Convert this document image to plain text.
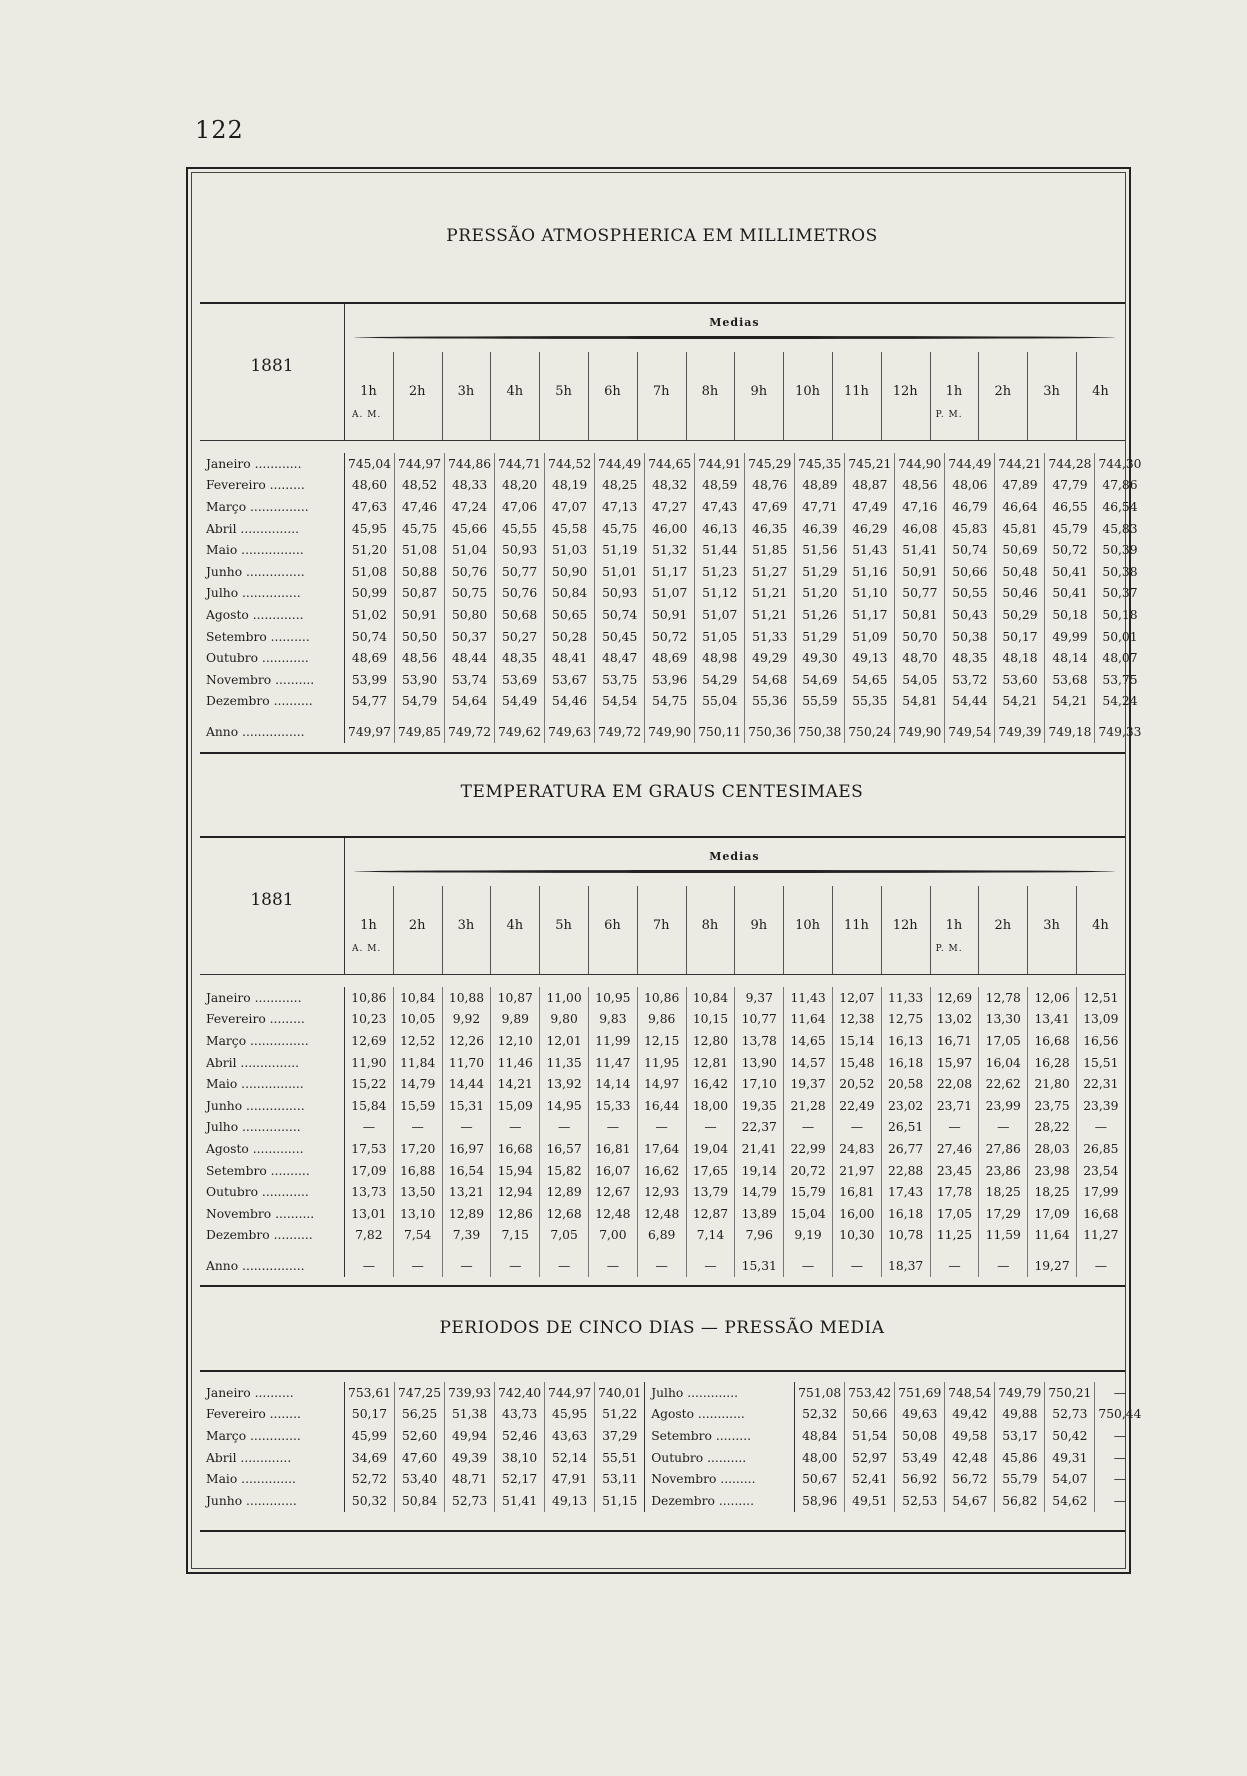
122
PRESSÃO ATMOSPHERICA EM MILLIMETROS
1881
Medias
1h	2h	3h	4h	5h	6h	7h	8h	9h	10h	11h	12h	1h	2h	3h	4h
A. M.	P. M.
Janeiro ............	745,04	744,97	744,86	744,71	744,52	744,49	744,65	744,91	745,29	745,35	745,21	744,90	744,49	744,21	744,28	744,30
Fevereiro .........	48,60	48,52	48,33	48,20	48,19	48,25	48,32	48,59	48,76	48,89	48,87	48,56	48,06	47,89	47,79	47,86
Março ...............	47,63	47,46	47,24	47,06	47,07	47,13	47,27	47,43	47,69	47,71	47,49	47,16	46,79	46,64	46,55	46,54
Abril ...............	45,95	45,75	45,66	45,55	45,58	45,75	46,00	46,13	46,35	46,39	46,29	46,08	45,83	45,81	45,79	45,83
Maio ................	51,20	51,08	51,04	50,93	51,03	51,19	51,32	51,44	51,85	51,56	51,43	51,41	50,74	50,69	50,72	50,39
Junho ...............	51,08	50,88	50,76	50,77	50,90	51,01	51,17	51,23	51,27	51,29	51,16	50,91	50,66	50,48	50,41	50,38
Julho ...............	50,99	50,87	50,75	50,76	50,84	50,93	51,07	51,12	51,21	51,20	51,10	50,77	50,55	50,46	50,41	50,37
Agosto .............	51,02	50,91	50,80	50,68	50,65	50,74	50,91	51,07	51,21	51,26	51,17	50,81	50,43	50,29	50,18	50,18
Setembro ..........	50,74	50,50	50,37	50,27	50,28	50,45	50,72	51,05	51,33	51,29	51,09	50,70	50,38	50,17	49,99	50,01
Outubro ............	48,69	48,56	48,44	48,35	48,41	48,47	48,69	48,98	49,29	49,30	49,13	48,70	48,35	48,18	48,14	48,07
Novembro ..........	53,99	53,90	53,74	53,69	53,67	53,75	53,96	54,29	54,68	54,69	54,65	54,05	53,72	53,60	53,68	53,75
Dezembro ..........	54,77	54,79	54,64	54,49	54,46	54,54	54,75	55,04	55,36	55,59	55,35	54,81	54,44	54,21	54,21	54,24
Anno ................	749,97	749,85	749,72	749,62	749,63	749,72	749,90	750,11	750,36	750,38	750,24	749,90	749,54	749,39	749,18	749,33
TEMPERATURA EM GRAUS CENTESIMAES
1881
Medias
1h	2h	3h	4h	5h	6h	7h	8h	9h	10h	11h	12h	1h	2h	3h	4h
A. M.	P. M.
Janeiro ............	10,86	10,84	10,88	10,87	11,00	10,95	10,86	10,84	9,37	11,43	12,07	11,33	12,69	12,78	12,06	12,51
Fevereiro .........	10,23	10,05	9,92	9,89	9,80	9,83	9,86	10,15	10,77	11,64	12,38	12,75	13,02	13,30	13,41	13,09
Março ...............	12,69	12,52	12,26	12,10	12,01	11,99	12,15	12,80	13,78	14,65	15,14	16,13	16,71	17,05	16,68	16,56
Abril ...............	11,90	11,84	11,70	11,46	11,35	11,47	11,95	12,81	13,90	14,57	15,48	16,18	15,97	16,04	16,28	15,51
Maio ................	15,22	14,79	14,44	14,21	13,92	14,14	14,97	16,42	17,10	19,37	20,52	20,58	22,08	22,62	21,80	22,31
Junho ...............	15,84	15,59	15,31	15,09	14,95	15,33	16,44	18,00	19,35	21,28	22,49	23,02	23,71	23,99	23,75	23,39
Julho ...............	—	—	—	—	—	—	—	—	22,37	—	—	26,51	—	—	28,22	—
Agosto .............	17,53	17,20	16,97	16,68	16,57	16,81	17,64	19,04	21,41	22,99	24,83	26,77	27,46	27,86	28,03	26,85
Setembro ..........	17,09	16,88	16,54	15,94	15,82	16,07	16,62	17,65	19,14	20,72	21,97	22,88	23,45	23,86	23,98	23,54
Outubro ............	13,73	13,50	13,21	12,94	12,89	12,67	12,93	13,79	14,79	15,79	16,81	17,43	17,78	18,25	18,25	17,99
Novembro ..........	13,01	13,10	12,89	12,86	12,68	12,48	12,48	12,87	13,89	15,04	16,00	16,18	17,05	17,29	17,09	16,68
Dezembro ..........	7,82	7,54	7,39	7,15	7,05	7,00	6,89	7,14	7,96	9,19	10,30	10,78	11,25	11,59	11,64	11,27
Anno ................	—	—	—	—	—	—	—	—	15,31	—	—	18,37	—	—	19,27	—
PERIODOS DE CINCO DIAS — PRESSÃO MEDIA
Janeiro ..........	753,61	747,25	739,93	742,40	744,97	740,01	Julho .............	751,08	753,42	751,69	748,54	749,79	750,21	—
Fevereiro ........	50,17	56,25	51,38	43,73	45,95	51,22	Agosto ............	52,32	50,66	49,63	49,42	49,88	52,73	750,44
Março .............	45,99	52,60	49,94	52,46	43,63	37,29	Setembro .........	48,84	51,54	50,08	49,58	53,17	50,42	—
Abril .............	34,69	47,60	49,39	38,10	52,14	55,51	Outubro ..........	48,00	52,97	53,49	42,48	45,86	49,31	—
Maio ..............	52,72	53,40	48,71	52,17	47,91	53,11	Novembro .........	50,67	52,41	56,92	56,72	55,79	54,07	—
Junho .............	50,32	50,84	52,73	51,41	49,13	51,15	Dezembro .........	58,96	49,51	52,53	54,67	56,82	54,62	—
